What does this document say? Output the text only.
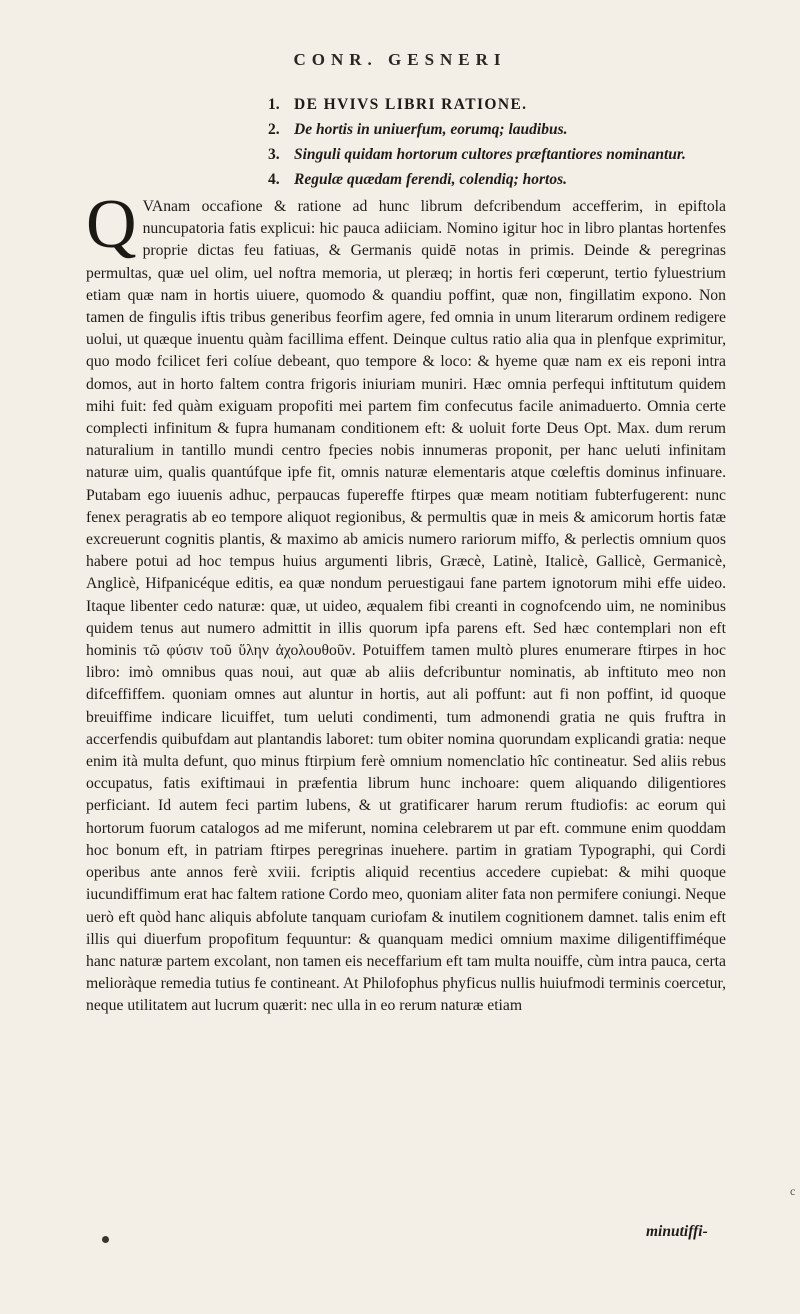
CONR. GESNERI
1. DE HVIVS LIBRI RATIONE.
2. De hortis in uniuerfum, eorumq; laudibus.
3. Singuli quidam hortorum cultores præftantiores nominantur.
4. Regulæ quædam ferendi, colendiq; hortos.
Q VAnam occafione & ratione ad hunc librum defcribendum accefferim, in epiftola nuncupatoria fatis explicui: hic pauca adiiciam. Nomino igitur hoc in libro plantas hortenfes proprie dictas feu fatiuas, & Germanis quidē notas in primis. Deinde & peregrinas permultas, quæ uel olim, uel noftra memoria, ut pleræq; in hortis feri cœperunt, tertio fyluestrium etiam quæ nam in hortis uiuere, quomodo & quandiu poffint, quæ non, fingillatim expono. Non tamen de fingulis iftis tribus generibus feorfim agere, fed omnia in unum literarum ordinem redigere uolui, ut quæque inuentu quàm facillima effent. Deinque cultus ratio alia qua in plenfque exprimitur, quo modo fcilicet feri colíue debeant, quo tempore & loco: & hyeme quæ nam ex eis reponi intra domos, aut in horto faltem contra frigoris iniuriam muniri. Hæc omnia perfequi inftitutum quidem mihi fuit: fed quàm exiguam propofiti mei partem fim confecutus facile animaduerto. Omnia certe complecti infinitum & fupra humanam conditionem eft: & uoluit forte Deus Opt. Max. dum rerum naturalium in tantillo mundi centro fpecies nobis innumeras proponit, per hanc ueluti infinitam naturæ uim, qualis quantúfque ipfe fit, omnis naturæ elementaris atque cœleftis dominus infinuare. Putabam ego iuuenis adhuc, perpaucas fupereffe ftirpes quæ meam notitiam fubterfugerent: nunc fenex peragratis ab eo tempore aliquot regionibus, & permultis quæ in meis & amicorum hortis fatæ excreuerunt cognitis plantis, & maximo ab amicis numero rariorum miffo, & perlectis omnium quos habere potui ad hoc tempus huius argumenti libris, Græcè, Latinè, Italicè, Gallicè, Germanicè, Anglicè, Hifpanicéque editis, ea quæ nondum peruestigaui fane partem ignotorum mihi effe uideo. Itaque libenter cedo naturæ: quæ, ut uideo, æqualem fibi creanti in cognofcendo uim, ne nominibus quidem tenus aut numero admittit in illis quorum ipfa parens eft. Sed hæc contemplari non eft hominis τῶ φύσιν τοῦ ὕλην ἀχολουθοῦν. Potuiffem tamen multò plures enumerare ftirpes in hoc libro: imò omnibus quas noui, aut quæ ab aliis defcribuntur nominatis, ab inftituto meo non difceffiffem. quoniam omnes aut aluntur in hortis, aut ali poffunt: aut fi non poffint, id quoque breuiffime indicare licuiffet, tum ueluti condimenti, tum admonendi gratia ne quis fruftra in accerfendis quibufdam aut plantandis laboret: tum obiter nomina quorundam explicandi gratia: neque enim ità multa defunt, quo minus ftirpium ferè omnium nomenclatio hîc contineatur. Sed aliis rebus occupatus, fatis exiftimaui in præfentia librum hunc inchoare: quem aliquando diligentiores perficiant. Id autem feci partim lubens, & ut gratificarer harum rerum ftudiofis: ac eorum qui hortorum fuorum catalogos ad me miferunt, nomina celebrarem ut par eft. commune enim quoddam hoc bonum eft, in patriam ftirpes peregrinas inuehere. partim in gratiam Typographi, qui Cordi operibus ante annos ferè xviii. fcriptis aliquid recentius accedere cupiebat: & mihi quoque iucundiffimum erat hac faltem ratione Cordo meo, quoniam aliter fata non permifere coniungi. Neque uerò eft quòd hanc aliquis abfolute tanquam curiofam & inutilem cognitionem damnet. talis enim eft illis qui diuerfum propofitum fequuntur: & quanquam medici omnium maxime diligentiffiméque hanc naturæ partem excolant, non tamen eis neceffarium eft tam multa nouiffe, cùm intra pauca, certa melioràque remedia tutius fe contineant. At Philofophus phyficus nullis huiufmodi terminis coercetur, neque utilitatem aut lucrum quærit: nec ulla in eo rerum naturæ etiam
minutiffi-
c
